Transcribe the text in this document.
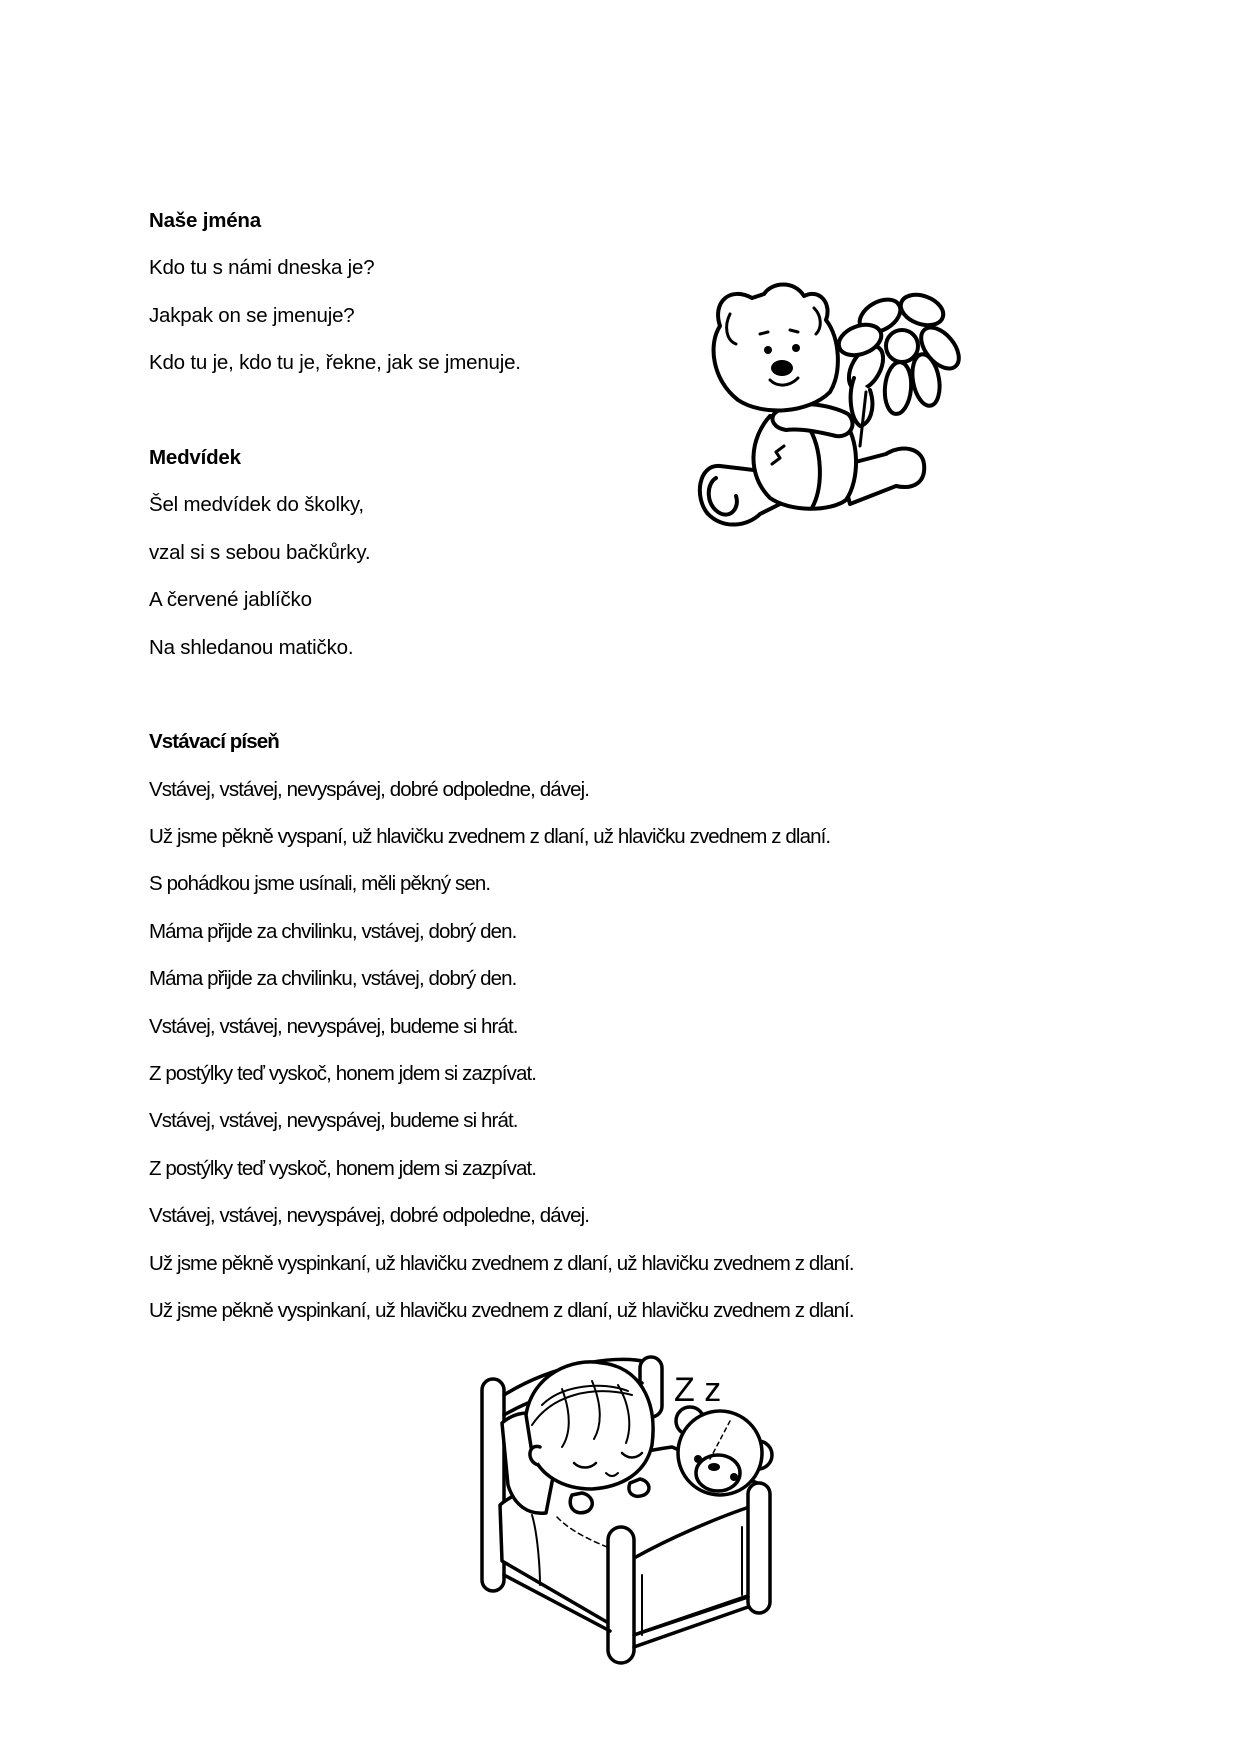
Naše jména
Kdo tu s námi dneska je?
Jakpak on se jmenuje?
Kdo tu je, kdo tu je, řekne, jak se jmenuje.
Medvídek
Šel medvídek do školky,
vzal si s sebou bačkůrky.
A červené jablíčko
Na shledanou matičko.
Vstávací píseň
Vstávej, vstávej, nevyspávej, dobré odpoledne, dávej.
Už jsme pěkně vyspaní, už hlavičku zvednem z dlaní, už hlavičku zvednem z dlaní.
S pohádkou jsme usínali, měli pěkný sen.
Máma přijde za chvilinku, vstávej, dobrý den.
Máma přijde za chvilinku, vstávej, dobrý den.
Vstávej, vstávej, nevyspávej, budeme si hrát.
Z postýlky teď vyskoč, honem jdem si zazpívat.
Vstávej, vstávej, nevyspávej, budeme si hrát.
Z postýlky teď vyskoč, honem jdem si zazpívat.
Vstávej, vstávej, nevyspávej, dobré odpoledne, dávej.
Už jsme pěkně vyspinkaní, už hlavičku zvednem z dlaní, už hlavičku zvednem z dlaní.
Už jsme pěkně vyspinkaní, už hlavičku zvednem z dlaní, už hlavičku zvednem z dlaní.
Z z
